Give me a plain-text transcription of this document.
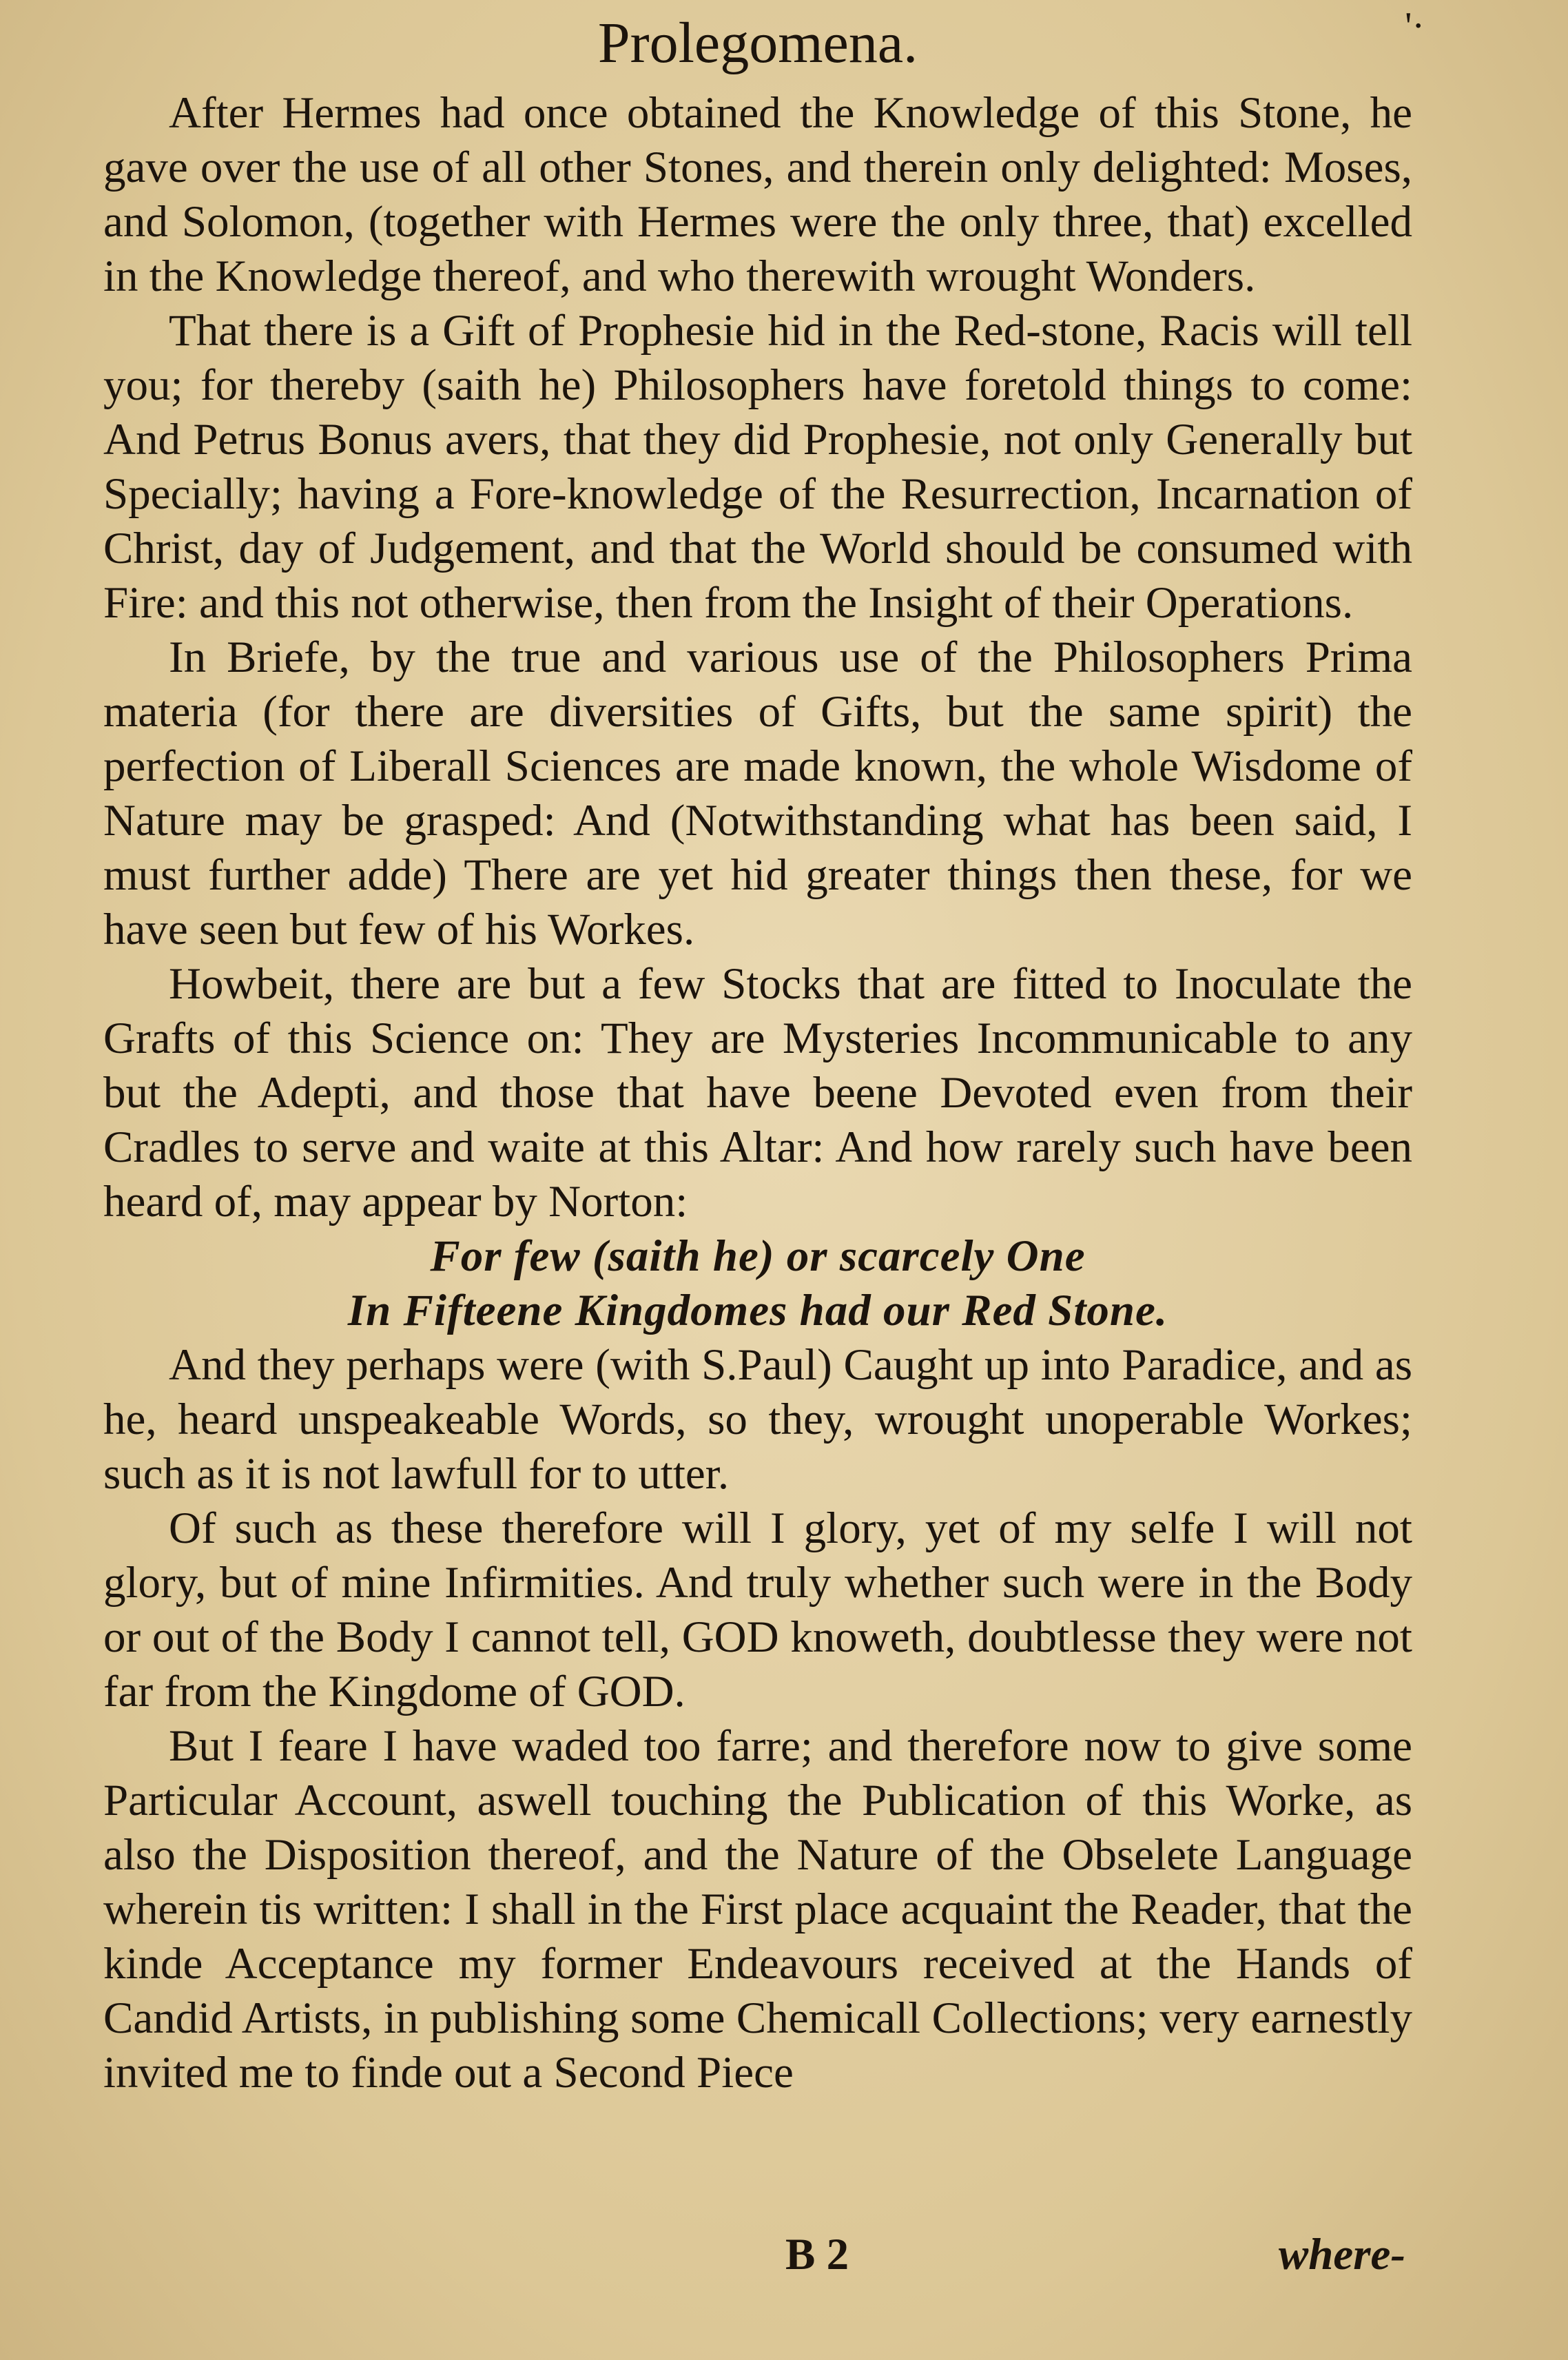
Prolegomena.	'·

After Hermes had once obtained the Knowledge of this Stone, he gave over the use of all other Stones, and therein only delighted: Moses, and Solomon, (together with Hermes were the only three, that) excelled in the Knowledge thereof, and who therewith wrought Wonders.

That there is a Gift of Prophesie hid in the Red-stone, Racis will tell you; for thereby (saith he) Philosophers have foretold things to come: And Petrus Bonus avers, that they did Prophesie, not only Generally but Specially; having a Fore-knowledge of the Resurrection, Incarnation of Christ, day of Judgement, and that the World should be consumed with Fire: and this not otherwise, then from the Insight of their Operations.

In Briefe, by the true and various use of the Philosophers Prima materia (for there are diversities of Gifts, but the same spirit) the perfection of Liberall Sciences are made known, the whole Wisdome of Nature may be grasped: And (Notwithstanding what has been said, I must further adde) There are yet hid greater things then these, for we have seen but few of his Workes.

Howbeit, there are but a few Stocks that are fitted to Inoculate the Grafts of this Science on: They are Mysteries Incommunicable to any but the Adepti, and those that have beene Devoted even from their Cradles to serve and waite at this Altar: And how rarely such have been heard of, may appear by Norton:

For few (saith he) or scarcely One
In Fifteene Kingdomes had our Red Stone.

And they perhaps were (with S.Paul) Caught up into Paradice, and as he, heard unspeakeable Words, so they, wrought unoperable Workes; such as it is not lawfull for to utter.

Of such as these therefore will I glory, yet of my selfe I will not glory, but of mine Infirmities. And truly whether such were in the Body or out of the Body I cannot tell, GOD knoweth, doubtlesse they were not far from the Kingdome of GOD.

But I feare I have waded too farre; and therefore now to give some Particular Account, aswell touching the Publication of this Worke, as also the Disposition thereof, and the Nature of the Obselete Language wherein tis written: I shall in the First place acquaint the Reader, that the kinde Acceptance my former Endeavours received at the Hands of Candid Artists, in publishing some Chemicall Collections; very earnestly invited me to finde out a Second Piece

B 2	where-
